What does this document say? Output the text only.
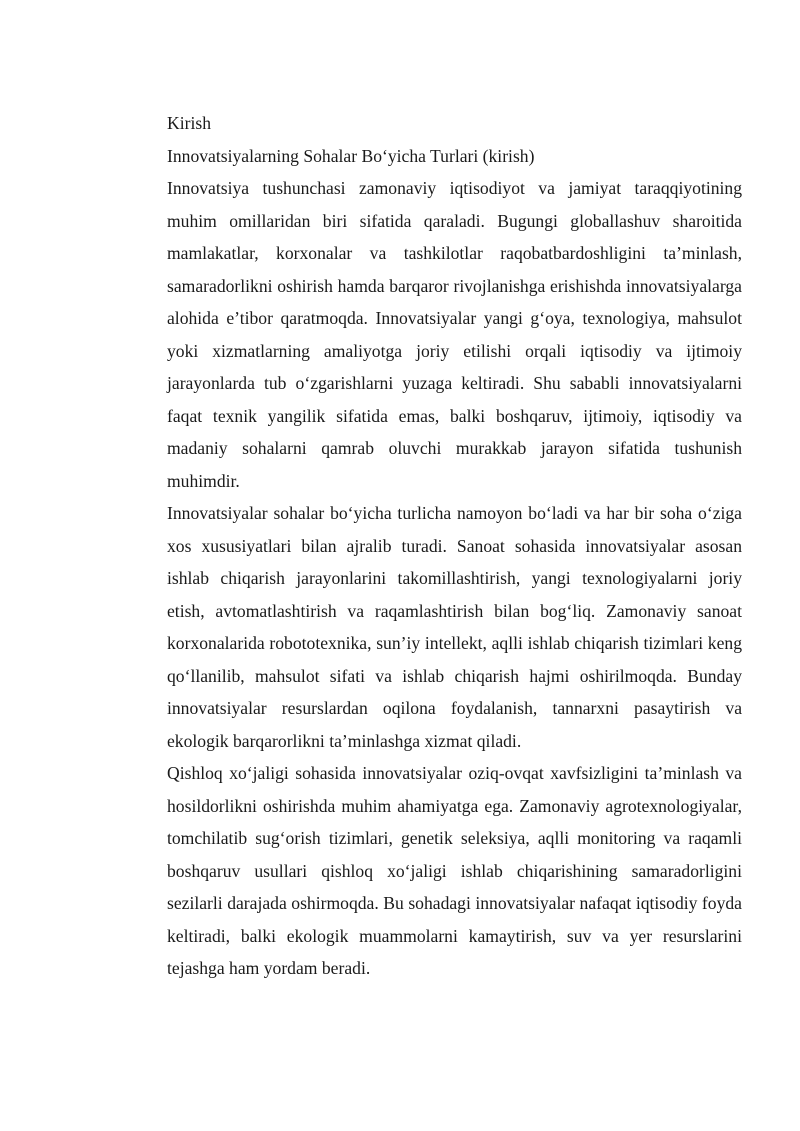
Kirish

Innovatsiyalarning Sohalar Bo‘yicha Turlari (kirish)

Innovatsiya tushunchasi zamonaviy iqtisodiyot va jamiyat taraqqiyotining muhim omillaridan biri sifatida qaraladi. Bugungi globallashuv sharoitida mamlakatlar, korxonalar va tashkilotlar raqobatbardoshligini ta’minlash, samaradorlikni oshirish hamda barqaror rivojlanishga erishishda innovatsiyalarga alohida e’tibor qaratmoqda. Innovatsiyalar yangi g‘oya, texnologiya, mahsulot yoki xizmatlarning amaliyotga joriy etilishi orqali iqtisodiy va ijtimoiy jarayonlarda tub o‘zgarishlarni yuzaga keltiradi. Shu sababli innovatsiyalarni faqat texnik yangilik sifatida emas, balki boshqaruv, ijtimoiy, iqtisodiy va madaniy sohalarni qamrab oluvchi murakkab jarayon sifatida tushunish muhimdir.

Innovatsiyalar sohalar bo‘yicha turlicha namoyon bo‘ladi va har bir soha o‘ziga xos xususiyatlari bilan ajralib turadi. Sanoat sohasida innovatsiyalar asosan ishlab chiqarish jarayonlarini takomillashtirish, yangi texnologiyalarni joriy etish, avtomatlashtirish va raqamlashtirish bilan bog‘liq. Zamonaviy sanoat korxonalarida robototexnika, sun’iy intellekt, aqlli ishlab chiqarish tizimlari keng qo‘llanilib, mahsulot sifati va ishlab chiqarish hajmi oshirilmoqda. Bunday innovatsiyalar resurslardan oqilona foydalanish, tannarxni pasaytirish va ekologik barqarorlikni ta’minlashga xizmat qiladi.

Qishloq xo‘jaligi sohasida innovatsiyalar oziq-ovqat xavfsizligini ta’minlash va hosildorlikni oshirishda muhim ahamiyatga ega. Zamonaviy agrotexnologiyalar, tomchilatib sug‘orish tizimlari, genetik seleksiya, aqlli monitoring va raqamli boshqaruv usullari qishloq xo‘jaligi ishlab chiqarishining samaradorligini sezilarli darajada oshirmoqda. Bu sohadagi innovatsiyalar nafaqat iqtisodiy foyda keltiradi, balki ekologik muammolarni kamaytirish, suv va yer resurslarini tejashga ham yordam beradi.
